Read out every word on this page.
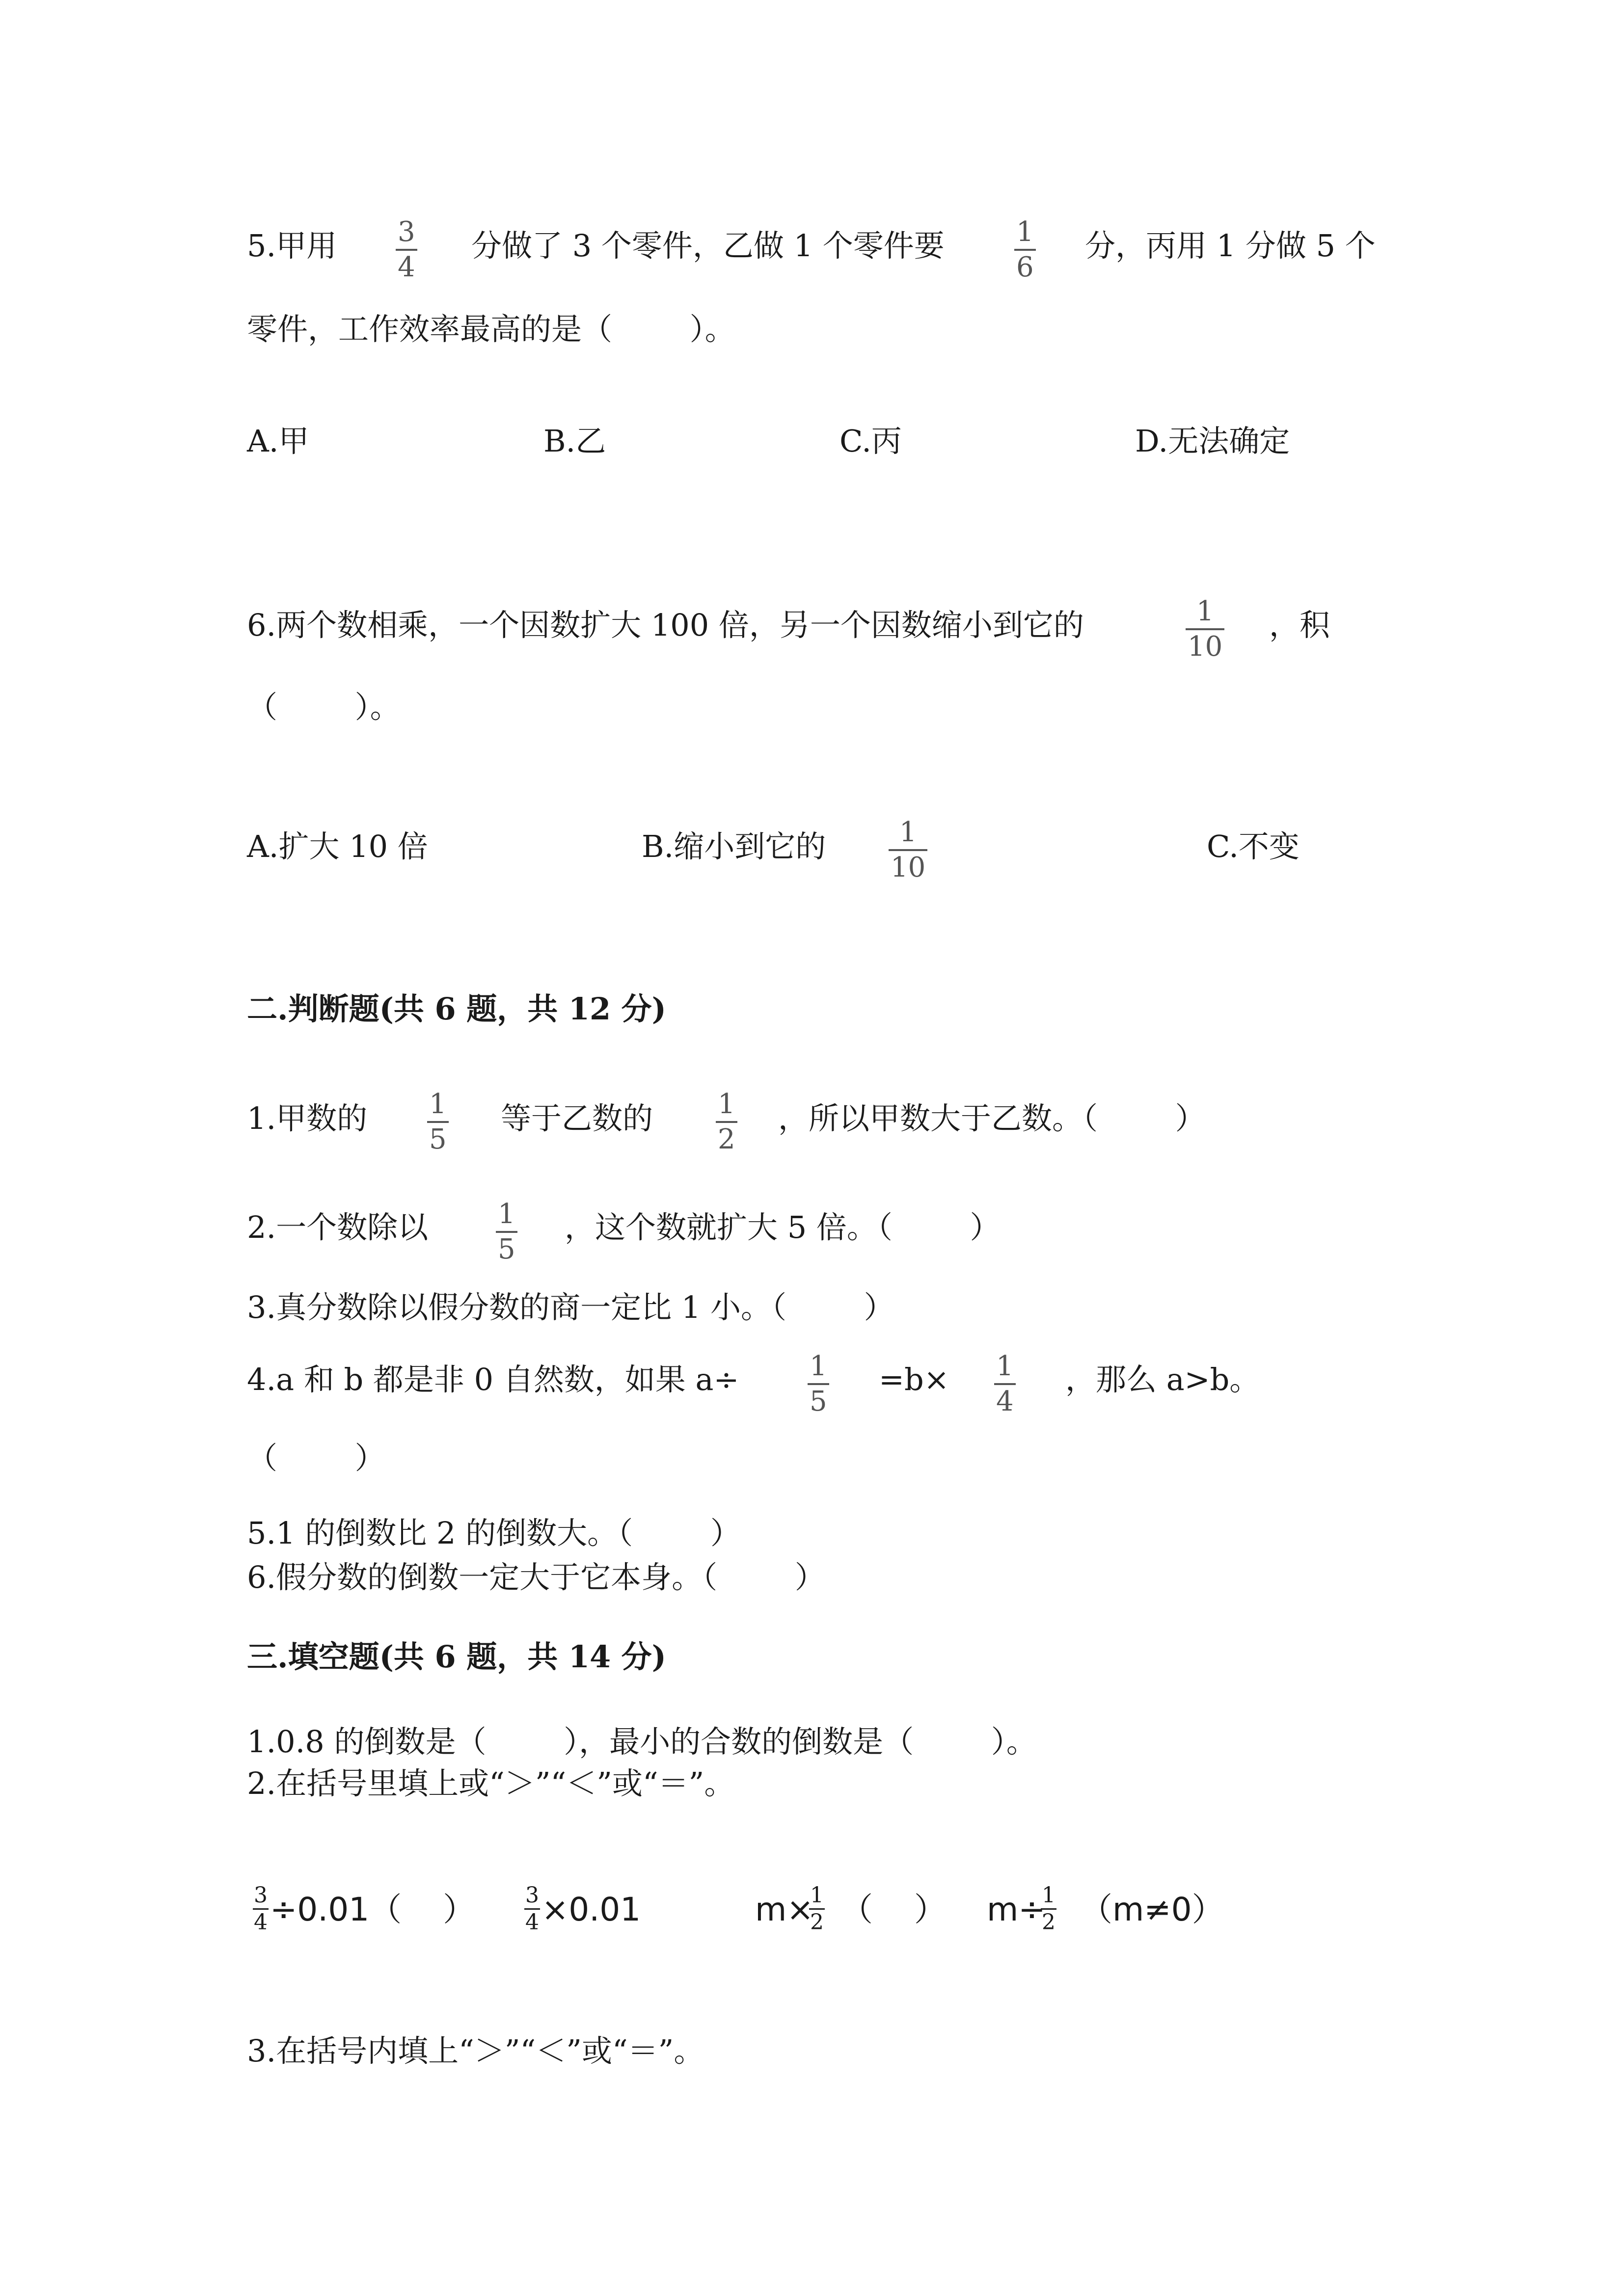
5.甲用 3
4
分做了 3 个零件，乙做 1 个零件要	1
6
分，丙用 1 分做 5 个
零件，工作效率最高的是（        ）。
A.甲	B.乙	C.丙	D.无法确定
6.两个数相乘，一个因数扩大 100 倍，另一个因数缩小到它的	1
10
，积
（        ）。
A.扩大 10 倍	B.缩小到它的	1
10
C.不变
二.判断题(共 6 题，共 12 分)
1.甲数的 1
5
等于乙数的 1
2
，所以甲数大于乙数。（        ）
2.一个数除以	1
5
，这个数就扩大 5 倍。（        ）
3.真分数除以假分数的商一定比 1 小。（        ）
4.a 和 b 都是非 0 自然数，如果 a÷	1
5
=b× 1
4
，那么 a>b。
（        ）
5.1 的倒数比 2 的倒数大。（        ）
6.假分数的倒数一定大于它本身。（        ）
三.填空题(共 6 题，共 14 分)
1.0.8 的倒数是（        ），最小的合数的倒数是（        ）。
2.在括号里填上或“＞”“＜”或“＝”。
3
4 ÷0.01（    ） 3
4 ×0.01	m×
1
2 （    ） m÷
1
2 （m≠0）
3.在括号内填上“＞”“＜”或“＝”。
